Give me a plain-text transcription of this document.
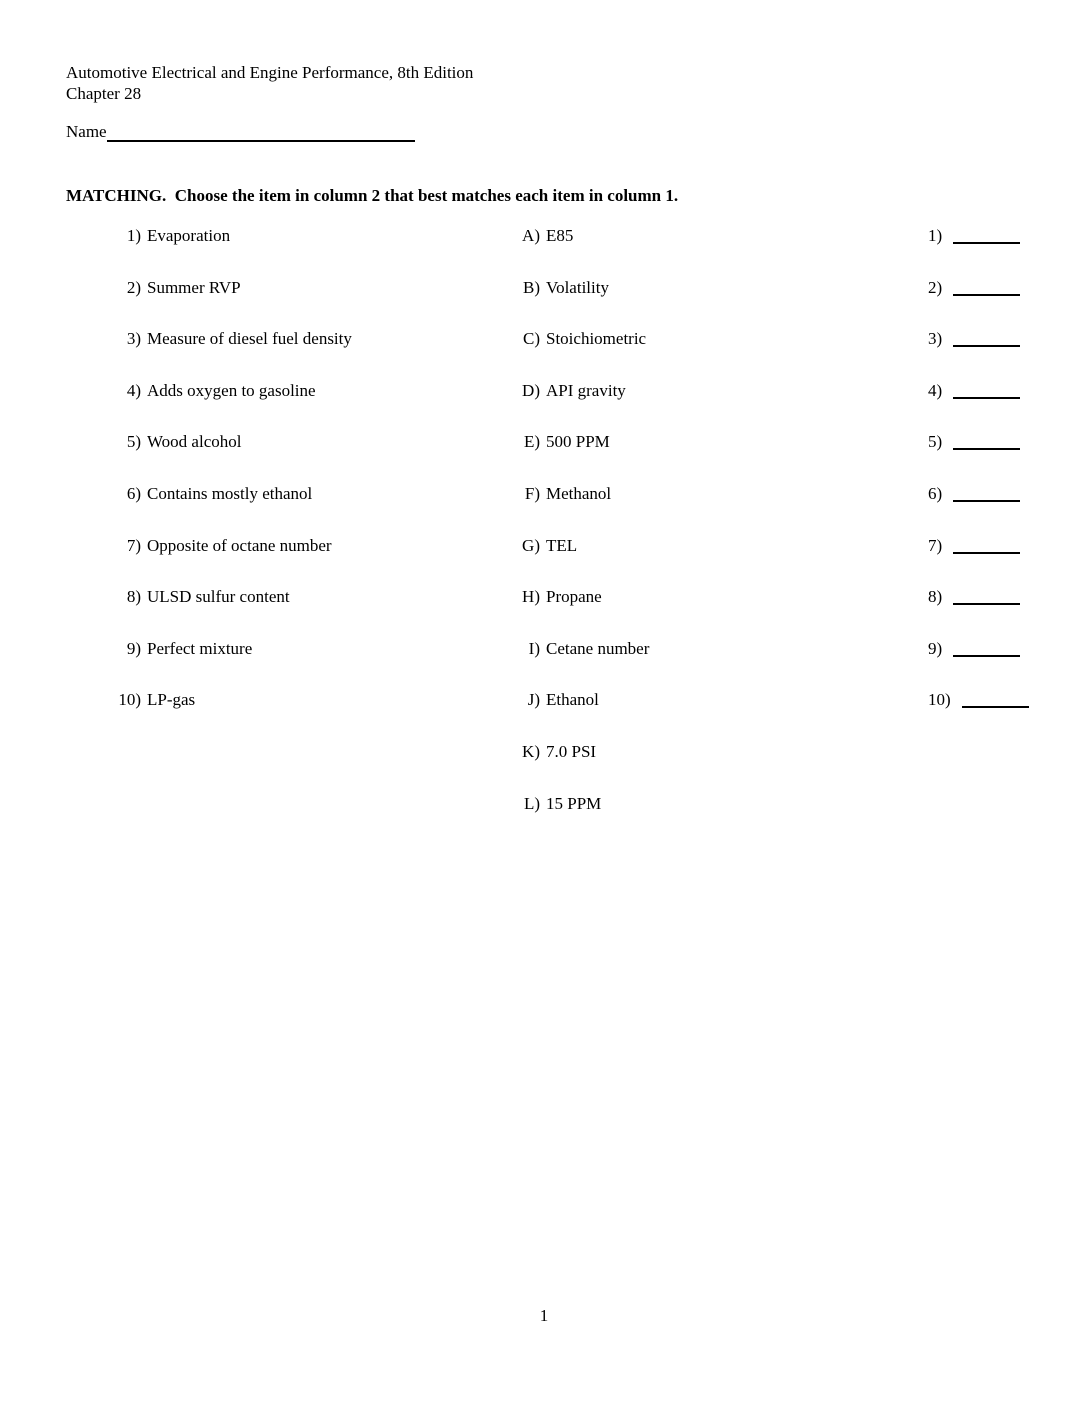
Automotive Electrical and Engine Performance, 8th Edition
Chapter 28
Name
MATCHING.  Choose the item in column 2 that best matches each item in column 1.
1) Evaporation
2) Summer RVP
3) Measure of diesel fuel density
4) Adds oxygen to gasoline
5) Wood alcohol
6) Contains mostly ethanol
7) Opposite of octane number
8) ULSD sulfur content
9) Perfect mixture
10) LP-gas
A) E85
B) Volatility
C) Stoichiometric
D) API gravity
E) 500 PPM
F) Methanol
G) TEL
H) Propane
I) Cetane number
J) Ethanol
K) 7.0 PSI
L) 15 PPM
1)
2)
3)
4)
5)
6)
7)
8)
9)
10)
1
